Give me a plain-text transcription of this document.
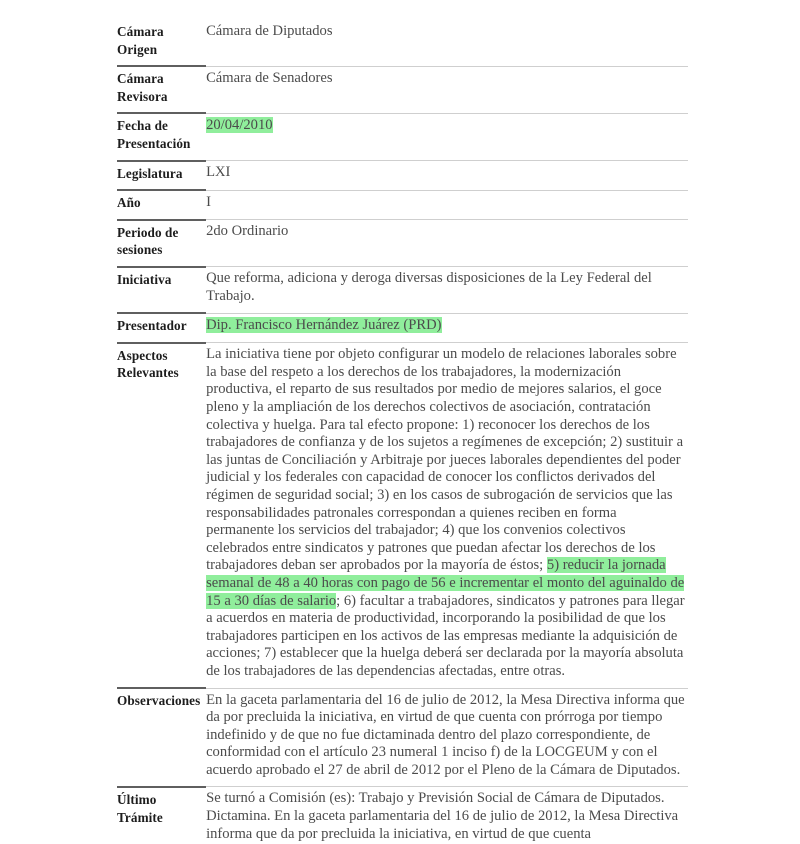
Cámara
Origen	Cámara de Diputados

Cámara
Revisora	Cámara de Senadores

Fecha de
Presentación	20/04/2010
Legislatura	LXI

Año	I

Periodo de
sesiones	2do Ordinario

Iniciativa	Que reforma, adiciona y deroga diversas disposiciones de la Ley Federal del Trabajo.

Presentador	Dip. Francisco Hernández Juárez (PRD)
Aspectos
Relevantes	La iniciativa tiene por objeto configurar un modelo de relaciones laborales sobre la base del respeto a los derechos de los trabajadores, la modernización productiva, el reparto de sus resultados por medio de mejores salarios, el goce pleno y la ampliación de los derechos colectivos de asociación, contratación colectiva y huelga. Para tal efecto propone: 1) reconocer los derechos de los trabajadores de confianza y de los sujetos a regímenes de excepción; 2) sustituir a las juntas de Conciliación y Arbitraje por jueces laborales dependientes del poder judicial y los federales con capacidad de conocer los conflictos derivados del régimen de seguridad social; 3) en los casos de subrogación de servicios que las responsabilidades patronales correspondan a quienes reciben en forma permanente los servicios del trabajador; 4) que los convenios colectivos celebrados entre sindicatos y patrones que puedan afectar los derechos de los trabajadores deban ser aprobados por la mayoría de éstos; 5) reducir la jornada semanal de 48 a 40 horas con pago de 56 e incrementar el monto del aguinaldo de 15 a 30 días de salario; 6) facultar a trabajadores, sindicatos y patrones para llegar a acuerdos en materia de productividad, incorporando la posibilidad de que los trabajadores participen en los activos de las empresas mediante la adquisición de acciones; 7) establecer que la huelga deberá ser declarada por la mayoría absoluta de los trabajadores de las dependencias afectadas, entre otras.

Observaciones	En la gaceta parlamentaria del 16 de julio de 2012, la Mesa Directiva informa que da por precluida la iniciativa, en virtud de que cuenta con prórroga por tiempo indefinido y de que no fue dictaminada dentro del plazo correspondiente, de conformidad con el artículo 23 numeral 1 inciso f) de la LOCGEUM y con el acuerdo aprobado el 27 de abril de 2012 por el Pleno de la Cámara de Diputados.

Último
Trámite	Se turnó a Comisión (es): Trabajo y Previsión Social de Cámara de Diputados. Dictamina. En la gaceta parlamentaria del 16 de julio de 2012, la Mesa Directiva informa que da por precluida la iniciativa, en virtud de que cuenta
